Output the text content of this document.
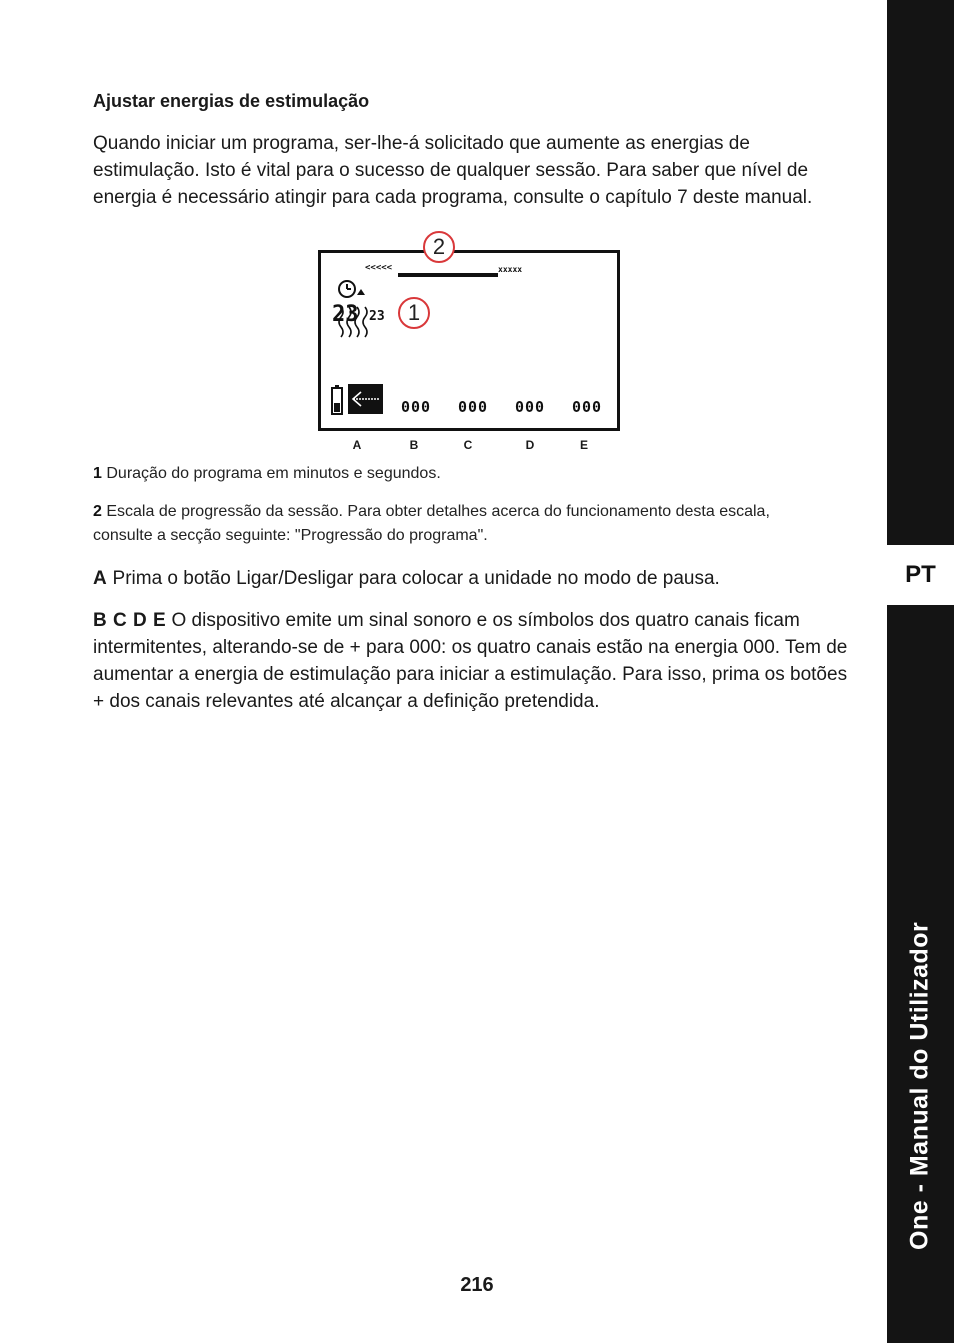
Ajustar energias de estimulação

Quando iniciar um programa, ser-lhe-á solicitado que aumente as energias de estimulação. Isto é vital para o sucesso de qualquer sessão. Para saber que nível de energia é necessário atingir para cada programa, consulte o capítulo 7 deste manual.

<<<<<	xxxxx
23 23
000 000 000 000
2
1
A	B	C	D	E

1 Duração do programa em minutos e segundos.

2 Escala de progressão da sessão. Para obter detalhes acerca do funcionamento desta escala, consulte a secção seguinte: "Progressão do programa".

A Prima o botão Ligar/Desligar para colocar a unidade no modo de pausa.

B C D E O dispositivo emite um sinal sonoro e os símbolos dos quatro canais ficam intermitentes, alterando-se de + para 000: os quatro canais estão na energia 000. Tem de aumentar a energia de estimulação para iniciar a estimulação. Para isso, prima os botões + dos canais relevantes até alcançar a definição pretendida.

216
PT
One - Manual do Utilizador
